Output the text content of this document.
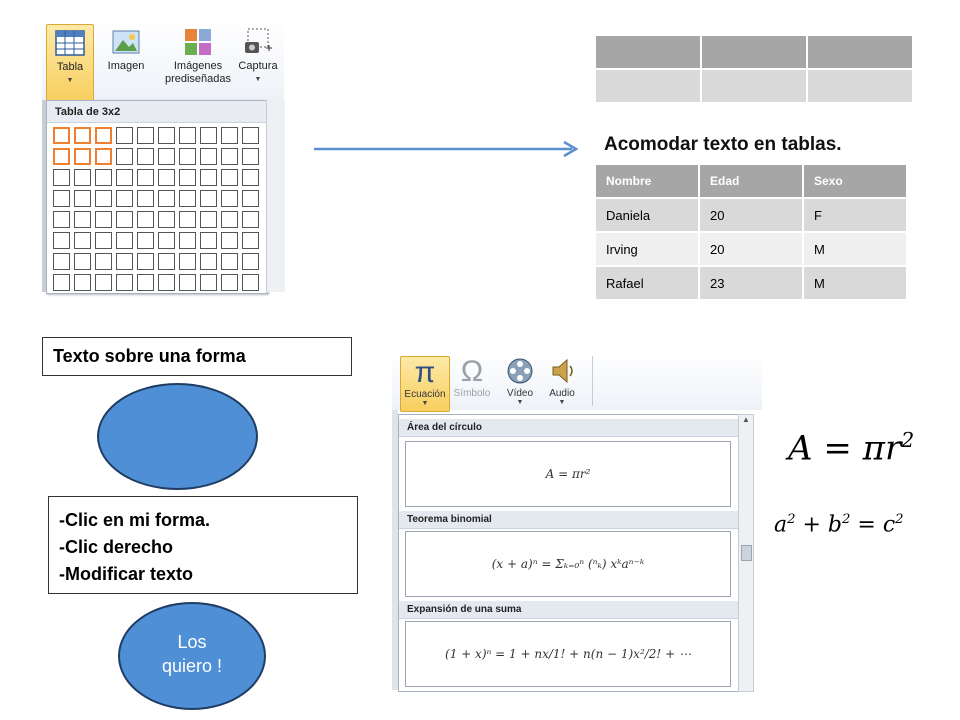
Tabla
▼
Imagen	Imágenes
prediseñadas
Captura
▼
Tabla de 3x2

Acomodar texto en tablas.
Nombre	Edad	Sexo
Daniela	20	F
Irving	20	M
Rafael	23	M
Texto sobre una forma
-Clic en mi forma.
-Clic derecho
-Modificar texto
Los
quiero !
π
Ecuación
▼
Ω
Símbolo	Vídeo
▼
Audio
▼
Área del círculo
A = πr²
Teorema binomial
(x + a)ⁿ = Σₖ₌₀ⁿ (ⁿₖ) xᵏaⁿ⁻ᵏ
Expansión de una suma
(1 + x)ⁿ = 1 + nx/1! + n(n − 1)x²/2! + ⋯
▲
$A = \pi r^2$
$a^2 + b^2 = c^2$
